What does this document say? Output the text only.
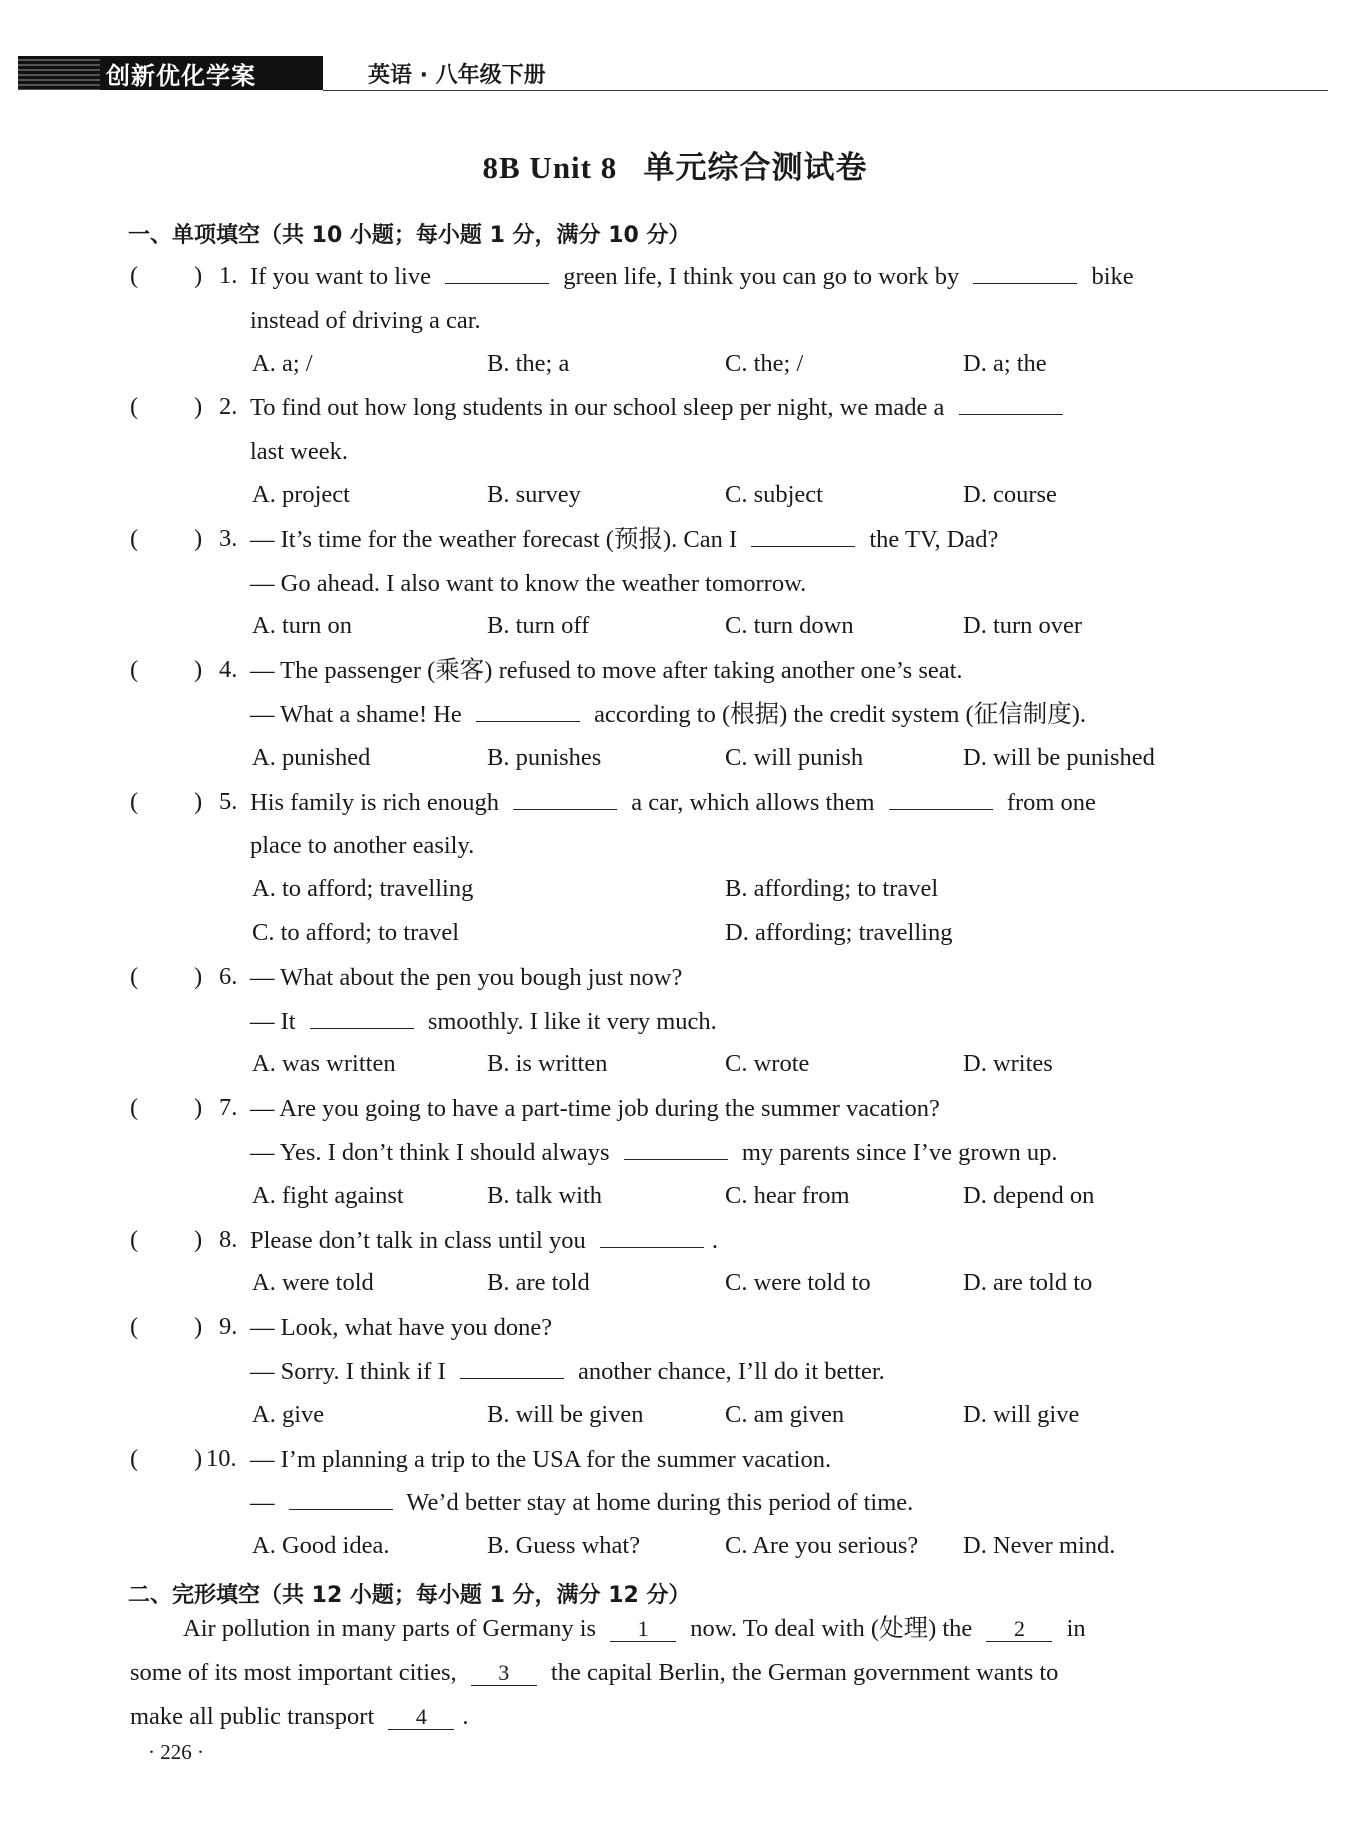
创新优化学案	英语 · 八年级下册
8B Unit 8   单元综合测试卷
一、单项填空（共 10 小题；每小题 1 分，满分 10 分）
( ) 1. If you want to live	green life, I think you can go to work by	bike
instead of driving a car.
A. a; /	B. the; a	C. the; /	D. a; the
( ) 2. To find out how long students in our school sleep per night, we made a
last week.
A. project	B. survey	C. subject	D. course
( ) 3. — It’s time for the weather forecast (预报). Can I	the TV, Dad?
— Go ahead. I also want to know the weather tomorrow.
A. turn on	B. turn off	C. turn down	D. turn over
( ) 4. — The passenger (乘客) refused to move after taking another one’s seat.
— What a shame! He	according to (根据) the credit system (征信制度).
A. punished	B. punishes	C. will punish	D. will be punished
( ) 5. His family is rich enough	a car, which allows them	from one
place to another easily.
A. to afford; travelling	B. affording; to travel
C. to afford; to travel	D. affording; travelling
( ) 6. — What about the pen you bough just now?
— It	smoothly. I like it very much.
A. was written	B. is written	C. wrote	D. writes
( ) 7. — Are you going to have a part-time job during the summer vacation?
— Yes. I don’t think I should always	my parents since I’ve grown up.
A. fight against	B. talk with	C. hear from	D. depend on
( ) 8. Please don’t talk in class until you	.
A. were told	B. are told	C. were told to	D. are told to
( ) 9. — Look, what have you done?
— Sorry. I think if I	another chance, I’ll do it better.
A. give	B. will be given	C. am given	D. will give
( ) 10. — I’m planning a trip to the USA for the summer vacation.
—	We’d better stay at home during this period of time.
A. Good idea.	B. Guess what?	C. Are you serious? D. Never mind.
二、完形填空（共 12 小题；每小题 1 分，满分 12 分）
Air pollution in many parts of Germany is 1 now. To deal with (处理) the 2 in
some of its most important cities, 3 the capital Berlin, the German government wants to
make all public transport 4 .
· 226 ·
